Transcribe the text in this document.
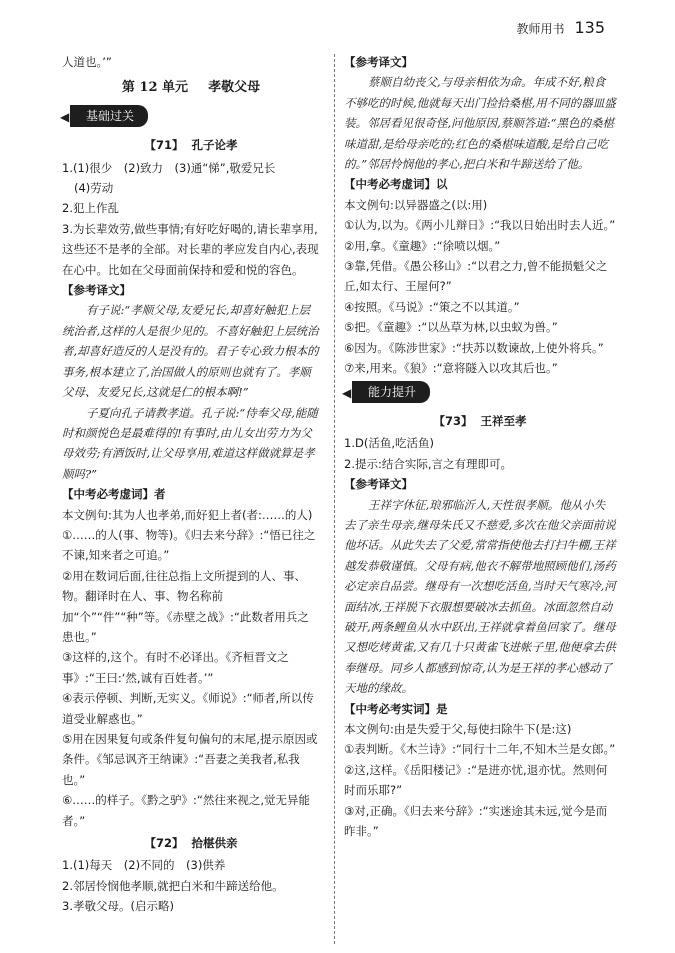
教师用书 135

人道也。’”

第 12 单元 孝敬父母
◀ 基础过关

【71】 孔子论孝

1.(1)很少　(2)致力　(3)通“悌”,敬爱兄长

(4)劳动

2.犯上作乱

3.为长辈效劳,做些事情;有好吃好喝的,请长辈享用,这些还不是孝的全部。对长辈的孝应发自内心,表现在心中。比如在父母面前保持和爱和悦的容色。

【参考译文】

有子说:“孝顺父母,友爱兄长,却喜好触犯上层统治者,这样的人是很少见的。不喜好触犯上层统治者,却喜好造反的人是没有的。君子专心致力根本的事务,根本建立了,治国做人的原则也就有了。孝顺父母、友爱兄长,这就是仁的根本啊!”

子夏向孔子请教孝道。孔子说:“侍奉父母,能随时和颜悦色是最难得的!有事时,由儿女出劳力为父母效劳;有酒饭时,让父母享用,难道这样做就算是孝顺吗?”

【中考必考虚词】者

本文例句:其为人也孝弟,而好犯上者(者:……的人)

①……的人(事、物等)。《归去来兮辞》:“悟已往之不谏,知来者之可追。”

②用在数词后面,往往总指上文所提到的人、事、物。翻译时在人、事、物名称前加“个”“件”“种”等。《赤壁之战》:“此数者用兵之患也。”

③这样的,这个。有时不必译出。《齐桓晋文之事》:“王曰:‘然,诚有百姓者。’”

④表示停顿、判断,无实义。《师说》:“师者,所以传道受业解惑也。”

⑤用在因果复句或条件复句偏句的末尾,提示原因或条件。《邹忌讽齐王纳谏》:“吾妻之美我者,私我也。”

⑥……的样子。《黔之驴》:“然往来视之,觉无异能者。”

【72】 拾椹供亲

1.(1)每天　(2)不同的　(3)供养

2.邻居怜悯他孝顺,就把白米和牛蹄送给他。

3.孝敬父母。(启示略)

【参考译文】

蔡顺自幼丧父,与母亲相依为命。年成不好,粮食不够吃的时候,他就每天出门捡拾桑椹,用不同的器皿盛装。邻居看见很奇怪,问他原因,蔡顺答道:“黑色的桑椹味道甜,是给母亲吃的;红色的桑椹味道酸,是给自己吃的。”邻居怜悯他的孝心,把白米和牛蹄送给了他。

【中考必考虚词】以

本文例句:以异器盛之(以:用)

①认为,以为。《两小儿辩日》:“我以日始出时去人近。”

②用,拿。《童趣》:“徐喷以烟。”

③靠,凭借。《愚公移山》:“以君之力,曾不能损魁父之丘,如太行、王屋何?”

④按照。《马说》:“策之不以其道。”

⑤把。《童趣》:“以丛草为林,以虫蚁为兽。”

⑥因为。《陈涉世家》:“扶苏以数谏故,上使外将兵。”

⑦来,用来。《狼》:“意将隧入以攻其后也。”

◀ 能力提升

【73】 王祥至孝

1.D(活鱼,吃活鱼)

2.提示:结合实际,言之有理即可。

【参考译文】

王祥字休征,琅邪临沂人,天性很孝顺。他从小失去了亲生母亲,继母朱氏又不慈爱,多次在他父亲面前说他坏话。从此失去了父爱,常常指使他去打扫牛棚,王祥越发恭敬谨慎。父母有病,他衣不解带地照顾他们,汤药必定亲自品尝。继母有一次想吃活鱼,当时天气寒冷,河面结冰,王祥脱下衣服想要破冰去抓鱼。冰面忽然自动破开,两条鲤鱼从水中跃出,王祥就拿着鱼回家了。继母又想吃烤黄雀,又有几十只黄雀飞进帐子里,他便拿去供奉继母。同乡人都感到惊奇,认为是王祥的孝心感动了天地的缘故。

【中考必考实词】是

本文例句:由是失爱于父,每使扫除牛下(是:这)

①表判断。《木兰诗》:“同行十二年,不知木兰是女郎。”

②这,这样。《岳阳楼记》:“是进亦忧,退亦忧。然则何时而乐耶?”

③对,正确。《归去来兮辞》:“实迷途其未远,觉今是而昨非。”
